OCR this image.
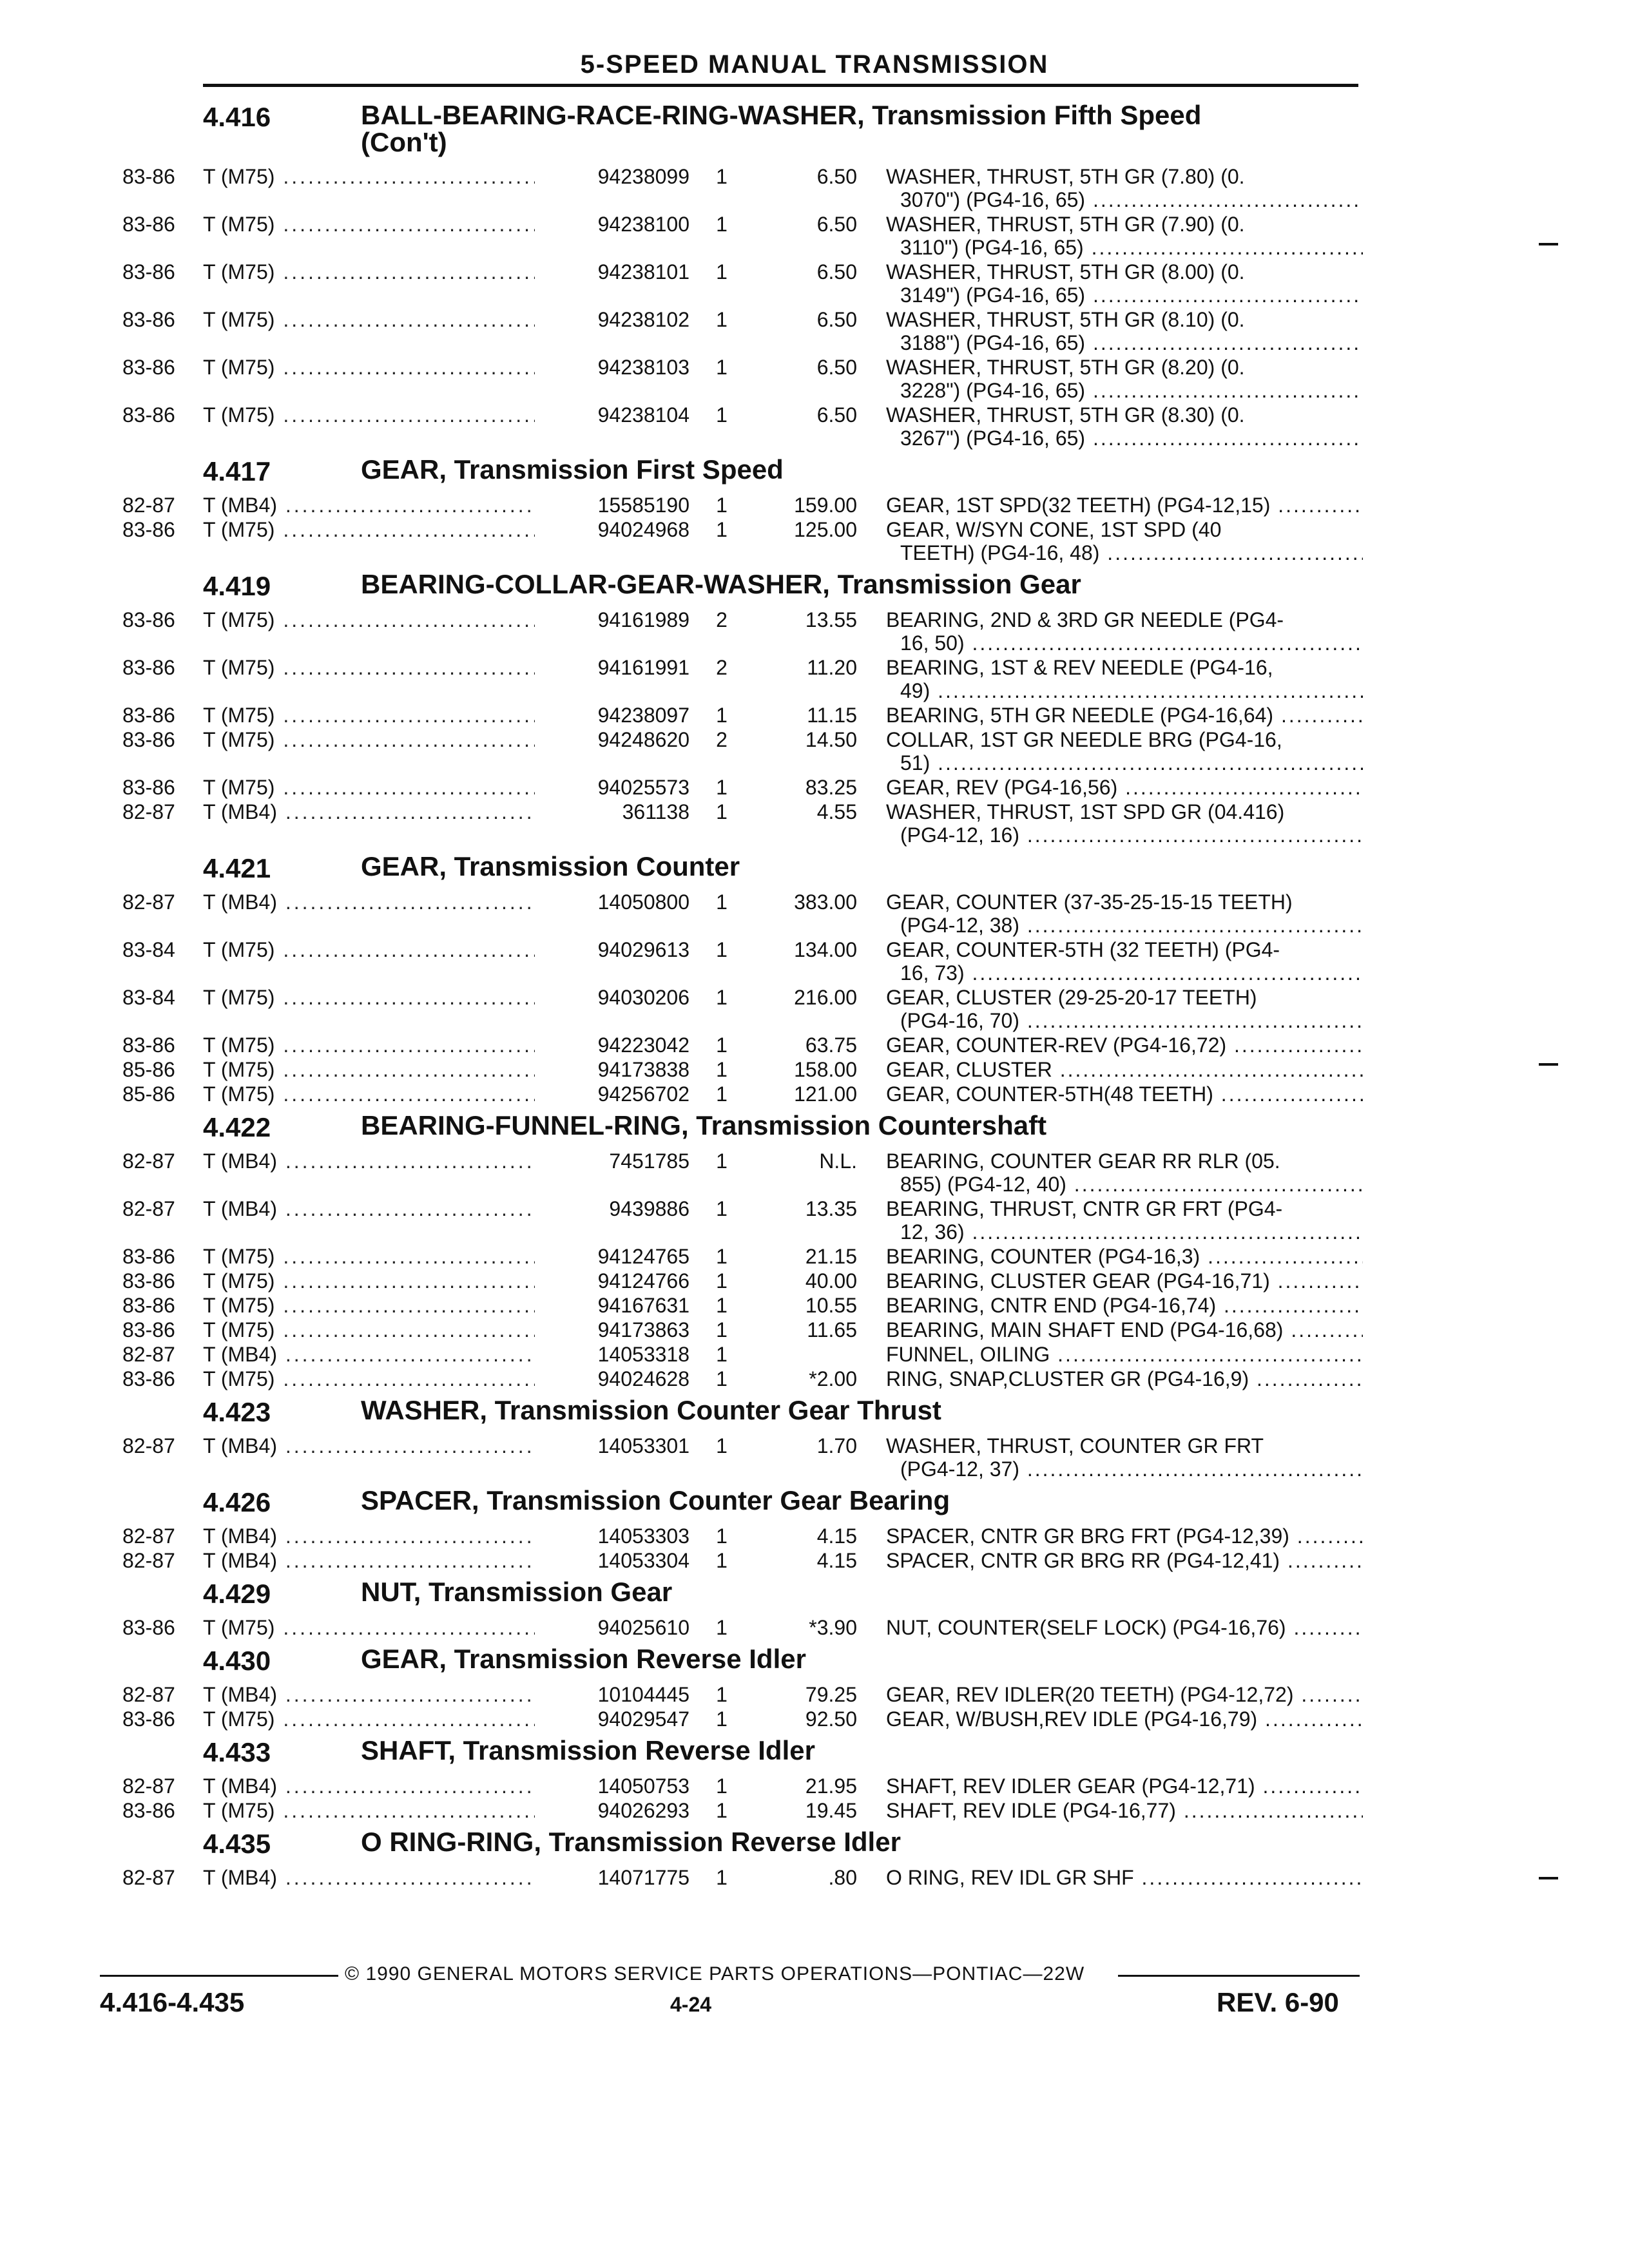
5-SPEED MANUAL TRANSMISSION
4.416	BALL-BEARING-RACE-RING-WASHER, Transmission Fifth Speed
(Con't)
83-86 T (M75) .....	94238099	1	6.50 WASHER, THRUST, 5TH GR (7.80) (0.
3070") (PG4-16, 65) .....
83-86 T (M75) .....	94238100	1	6.50 WASHER, THRUST, 5TH GR (7.90) (0.
3110") (PG4-16, 65) .....
83-86 T (M75) .....	94238101	1	6.50 WASHER, THRUST, 5TH GR (8.00) (0.
3149") (PG4-16, 65) .....
83-86 T (M75) .....	94238102	1	6.50 WASHER, THRUST, 5TH GR (8.10) (0.
3188") (PG4-16, 65) .....
83-86 T (M75) .....	94238103	1	6.50 WASHER, THRUST, 5TH GR (8.20) (0.
3228") (PG4-16, 65) .....
83-86 T (M75) .....	94238104	1	6.50 WASHER, THRUST, 5TH GR (8.30) (0.
3267") (PG4-16, 65) .....
4.417	GEAR, Transmission First Speed
82-87 T (MB4) .....	15585190	1	159.00 GEAR, 1ST SPD(32 TEETH) (PG4-12,15) .....
83-86 T (M75) .....	94024968	1	125.00 GEAR, W/SYN CONE, 1ST SPD (40
TEETH) (PG4-16, 48) .....
4.419	BEARING-COLLAR-GEAR-WASHER, Transmission Gear
83-86 T (M75) .....	94161989	2	13.55 BEARING, 2ND & 3RD GR NEEDLE (PG4-
16, 50) .....
83-86 T (M75) .....	94161991	2	11.20 BEARING, 1ST & REV NEEDLE (PG4-16,
49) .....
83-86 T (M75) .....	94238097	1	11.15 BEARING, 5TH GR NEEDLE (PG4-16,64) .....
83-86 T (M75) .....	94248620	2	14.50 COLLAR, 1ST GR NEEDLE BRG (PG4-16,
51) .....
83-86 T (M75) .....	94025573	1	83.25 GEAR, REV (PG4-16,56) .....
82-87 T (MB4) .....	361138	1	4.55 WASHER, THRUST, 1ST SPD GR (04.416)
(PG4-12, 16) .....
4.421	GEAR, Transmission Counter
82-87 T (MB4) .....	14050800	1	383.00 GEAR, COUNTER (37-35-25-15-15 TEETH)
(PG4-12, 38) .....
83-84 T (M75) .....	94029613	1	134.00 GEAR, COUNTER-5TH (32 TEETH) (PG4-
16, 73) .....
83-84 T (M75) .....	94030206	1	216.00 GEAR, CLUSTER (29-25-20-17 TEETH)
(PG4-16, 70) .....
83-86 T (M75) .....	94223042	1	63.75 GEAR, COUNTER-REV (PG4-16,72) .....
85-86 T (M75) .....	94173838	1	158.00 GEAR, CLUSTER .....
85-86 T (M75) .....	94256702	1	121.00 GEAR, COUNTER-5TH(48 TEETH) .....
4.422	BEARING-FUNNEL-RING, Transmission Countershaft
82-87 T (MB4) .....	7451785	1	N.L. BEARING, COUNTER GEAR RR RLR (05.
855) (PG4-12, 40) .....
82-87 T (MB4) .....	9439886	1	13.35 BEARING, THRUST, CNTR GR FRT (PG4-
12, 36) .....
83-86 T (M75) .....	94124765	1	21.15 BEARING, COUNTER (PG4-16,3) .....
83-86 T (M75) .....	94124766	1	40.00 BEARING, CLUSTER GEAR (PG4-16,71) .....
83-86 T (M75) .....	94167631	1	10.55 BEARING, CNTR END (PG4-16,74) .....
83-86 T (M75) .....	94173863	1	11.65 BEARING, MAIN SHAFT END (PG4-16,68) .....
82-87 T (MB4) .....	14053318	1	FUNNEL, OILING .....
83-86 T (M75) .....	94024628	1	*2.00 RING, SNAP,CLUSTER GR (PG4-16,9) .....
4.423	WASHER, Transmission Counter Gear Thrust
82-87 T (MB4) .....	14053301	1	1.70 WASHER, THRUST, COUNTER GR FRT
(PG4-12, 37) .....
4.426	SPACER, Transmission Counter Gear Bearing
82-87 T (MB4) .....	14053303	1	4.15 SPACER, CNTR GR BRG FRT (PG4-12,39) .....
82-87 T (MB4) .....	14053304	1	4.15 SPACER, CNTR GR BRG RR (PG4-12,41) .....
4.429	NUT, Transmission Gear
83-86 T (M75) .....	94025610	1	*3.90 NUT, COUNTER(SELF LOCK) (PG4-16,76) .....
4.430	GEAR, Transmission Reverse Idler
82-87 T (MB4) .....	10104445	1	79.25 GEAR, REV IDLER(20 TEETH) (PG4-12,72) .....
83-86 T (M75) .....	94029547	1	92.50 GEAR, W/BUSH,REV IDLE (PG4-16,79) .....
4.433	SHAFT, Transmission Reverse Idler
82-87 T (MB4) .....	14050753	1	21.95 SHAFT, REV IDLER GEAR (PG4-12,71) .....
83-86 T (M75) .....	94026293	1	19.45 SHAFT, REV IDLE (PG4-16,77) .....
4.435	O RING-RING, Transmission Reverse Idler
82-87 T (MB4) .....	14071775	1	.80 O RING, REV IDL GR SHF .....
© 1990 GENERAL MOTORS SERVICE PARTS OPERATIONS—PONTIAC—22W
4.416-4.435	4-24	REV. 6-90
